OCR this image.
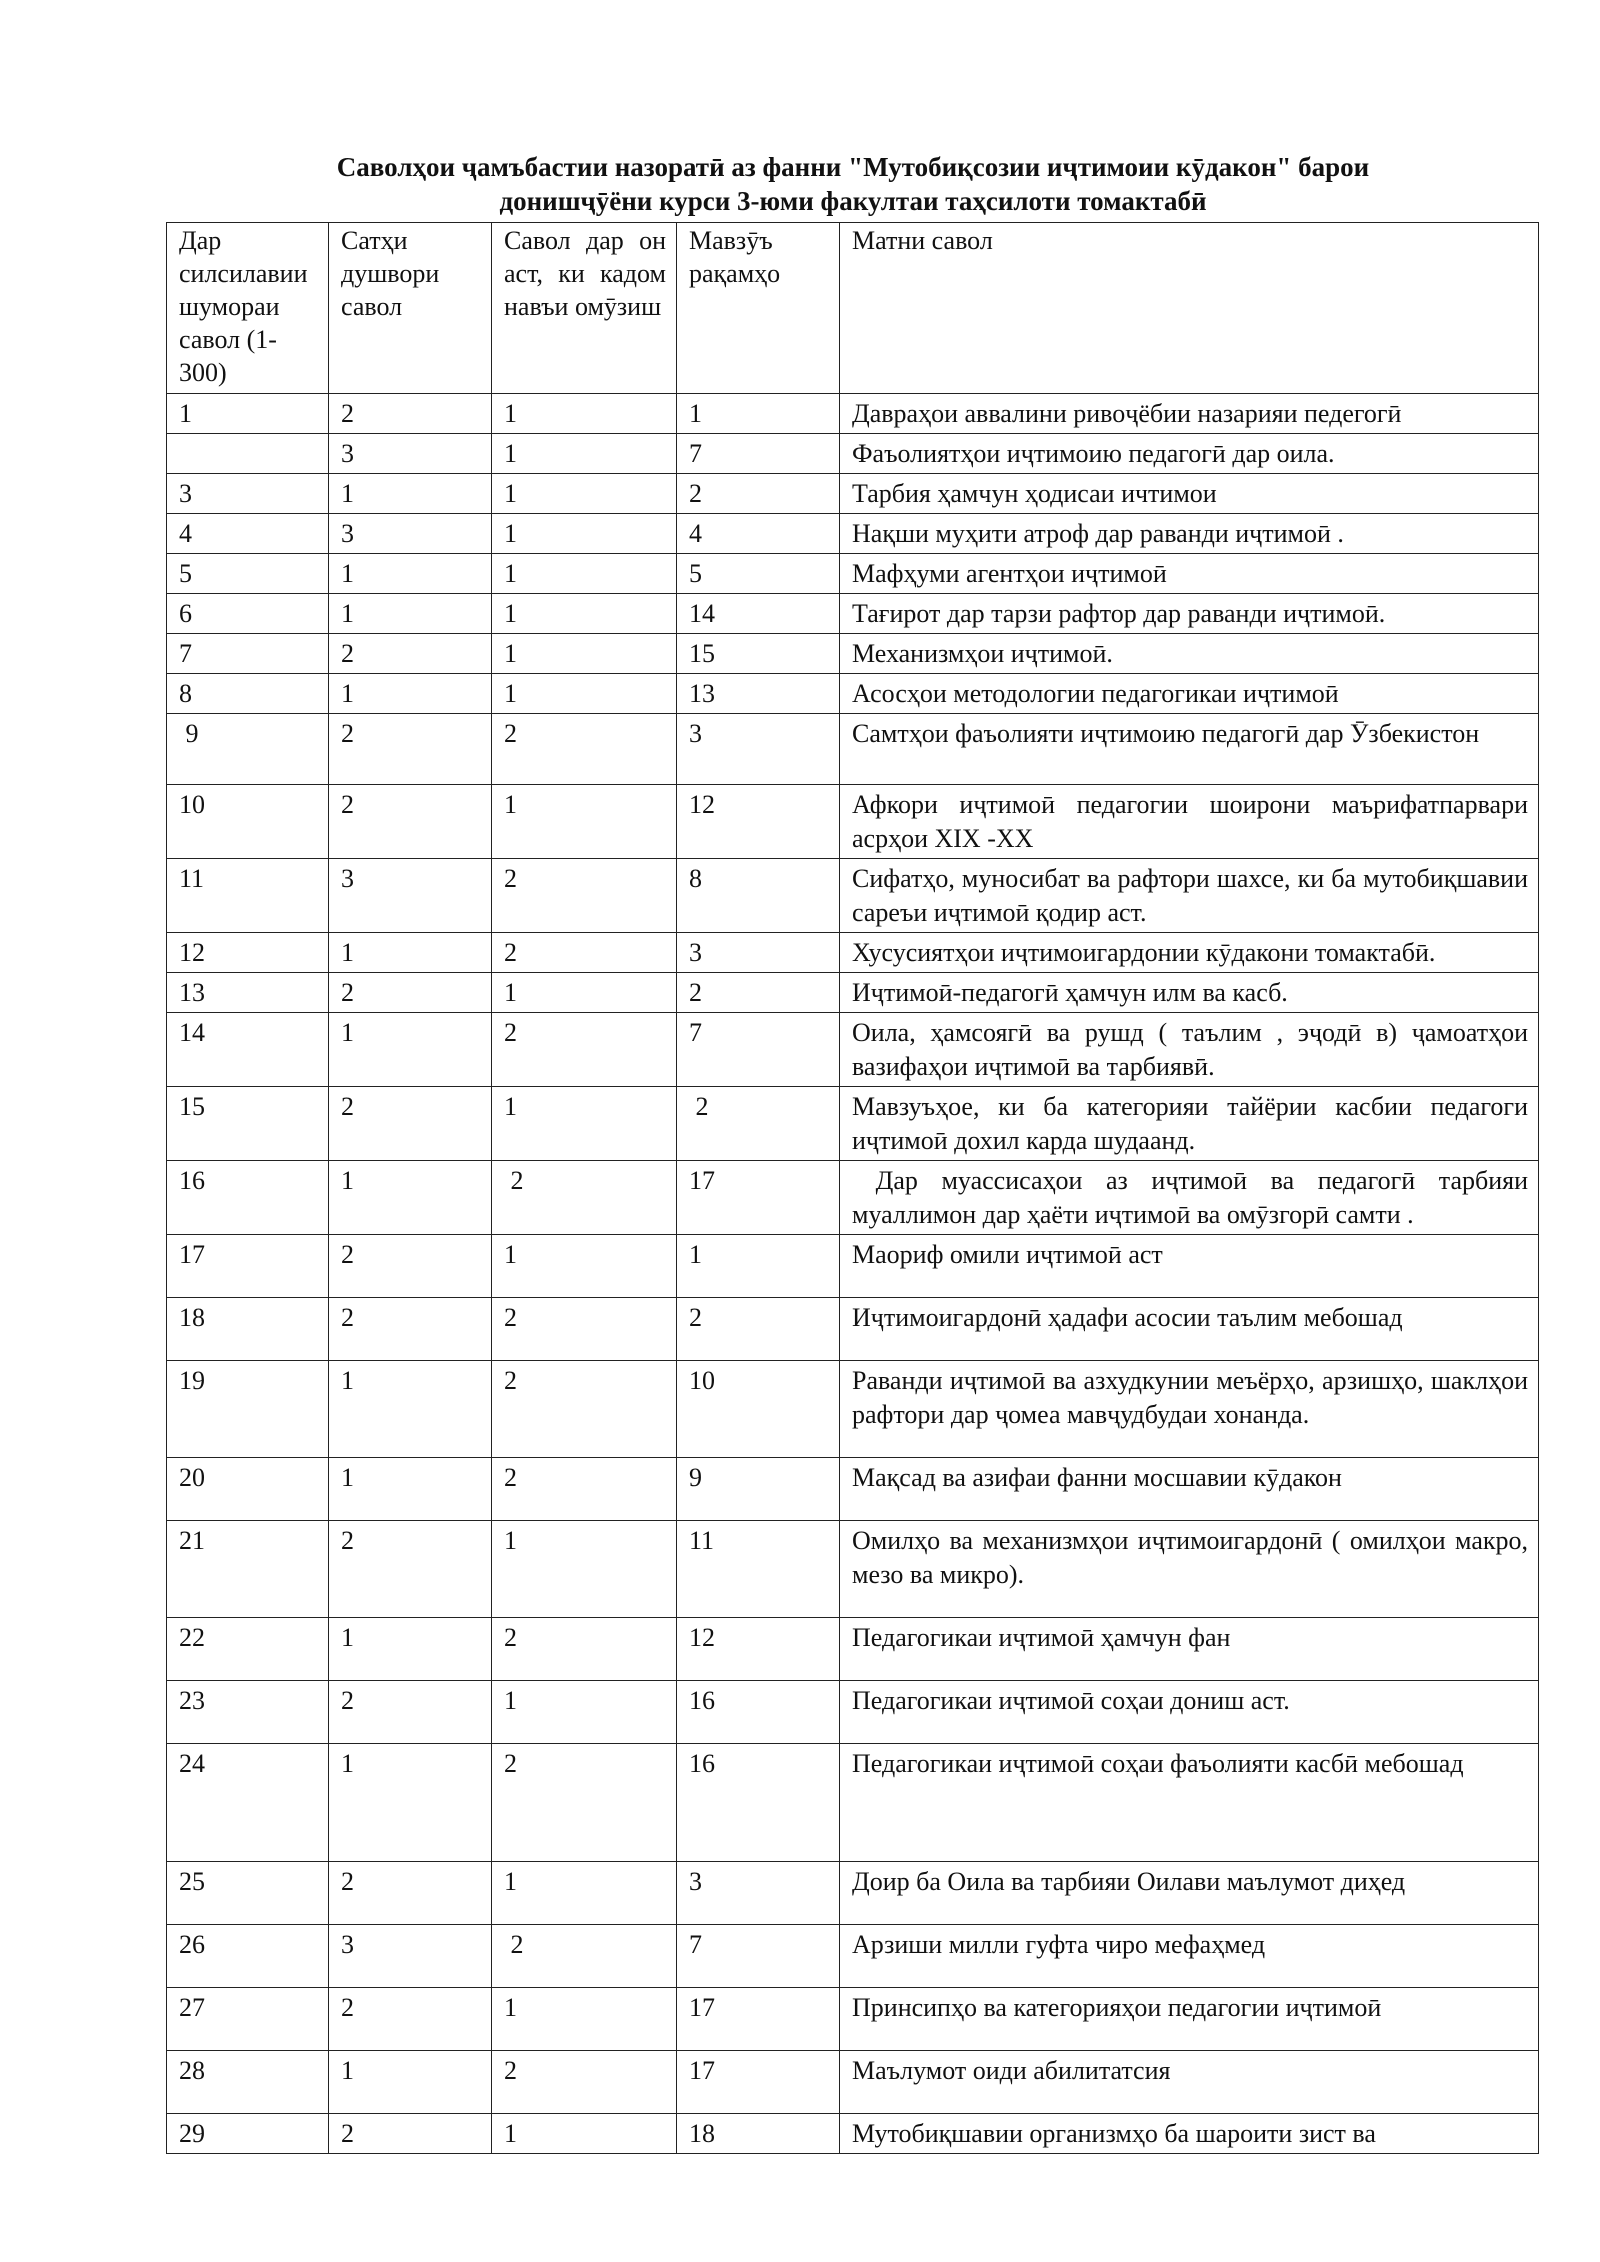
Саволҳои ҷамъбастии назоратӣ аз фанни "Мутобиқсозии иҷтимоии кӯдакон" барои
донишҷӯёни курси 3-юми факултаи таҳсилоти томактабӣ
Дар силсилавии шумораи савол (1-300)	Сатҳи душвори савол	Савол дар он аст, ки кадом навъи омӯзиш	Мавзӯъ рақамҳо	Матни савол
1	2	1	1	Давраҳои аввалини ривоҷёбии назарияи педегогӣ
	3	1	7	Фаъолиятҳои иҷтимоию педагогӣ дар оила.
3	1	1	2	Тарбия ҳамчун ҳодисаи ичтимои
4	3	1	4	Нақши муҳити атроф дар раванди иҷтимоӣ .
5	1	1	5	Мафҳуми агентҳои иҷтимоӣ
6	1	1	14	Тағирот дар тарзи рафтор дар раванди иҷтимоӣ.
7	2	1	15	Механизмҳои иҷтимоӣ.
8	1	1	13	Асосҳои методологии педагогикаи иҷтимоӣ
9	2	2	3	Самтҳои фаъолияти иҷтимоию педагогӣ дар Ӯзбекистон
10	2	1	12	Афкори иҷтимоӣ педагогии шоирони маърифатпарвари асрҳои XIX -XX
11	3	2	8	Сифатҳо, муносибат ва рафтори шахсе, ки ба мутобиқшавии сареъи иҷтимоӣ қодир аст.
12	1	2	3	Хусусиятҳои иҷтимоигардонии кӯдакони томактабӣ.
13	2	1	2	Иҷтимоӣ-педагогӣ ҳамчун илм ва касб.
14	1	2	7	Оила, ҳамсоягӣ ва рушд ( таълим , эҷодӣ в) ҷамоатҳои вазифаҳои иҷтимоӣ ва тарбиявӣ.
15	2	1	2	Мавзуъҳое, ки ба категорияи тайёрии касбии педагоги иҷтимоӣ дохил карда шудаанд.
16	1	2	17	Дар муассисаҳои аз иҷтимоӣ ва педагогӣ тарбияи муаллимон дар ҳаёти иҷтимоӣ ва омӯзгорӣ самти .
17	2	1	1	Маориф омили иҷтимоӣ аст
18	2	2	2	Иҷтимоигардонӣ ҳадафи асосии таълим мебошад
19	1	2	10	Раванди иҷтимоӣ ва азхудкунии меъёрҳо, арзишҳо, шаклҳои рафтори дар ҷомеа мавҷудбудаи хонанда.
20	1	2	9	Мақсад ва азифаи фанни мосшавии кӯдакон
21	2	1	11	Омилҳо ва механизмҳои иҷтимоигардонӣ ( омилҳои макро, мезо ва микро).
22	1	2	12	Педагогикаи иҷтимоӣ ҳамчун фан
23	2	1	16	Педагогикаи иҷтимоӣ соҳаи дониш аст.
24	1	2	16	Педагогикаи иҷтимоӣ соҳаи фаъолияти касбӣ мебошад
25	2	1	3	Доир ба Оила ва тарбияи Оилави маълумот диҳед
26	3	2	7	Арзиши милли гуфта чиро мефаҳмед
27	2	1	17	Принсипҳо ва категорияҳои педагогии иҷтимоӣ
28	1	2	17	Маълумот оиди абилитатсия
29	2	1	18	Мутобиқшавии организмҳо ба шароити зист ва
